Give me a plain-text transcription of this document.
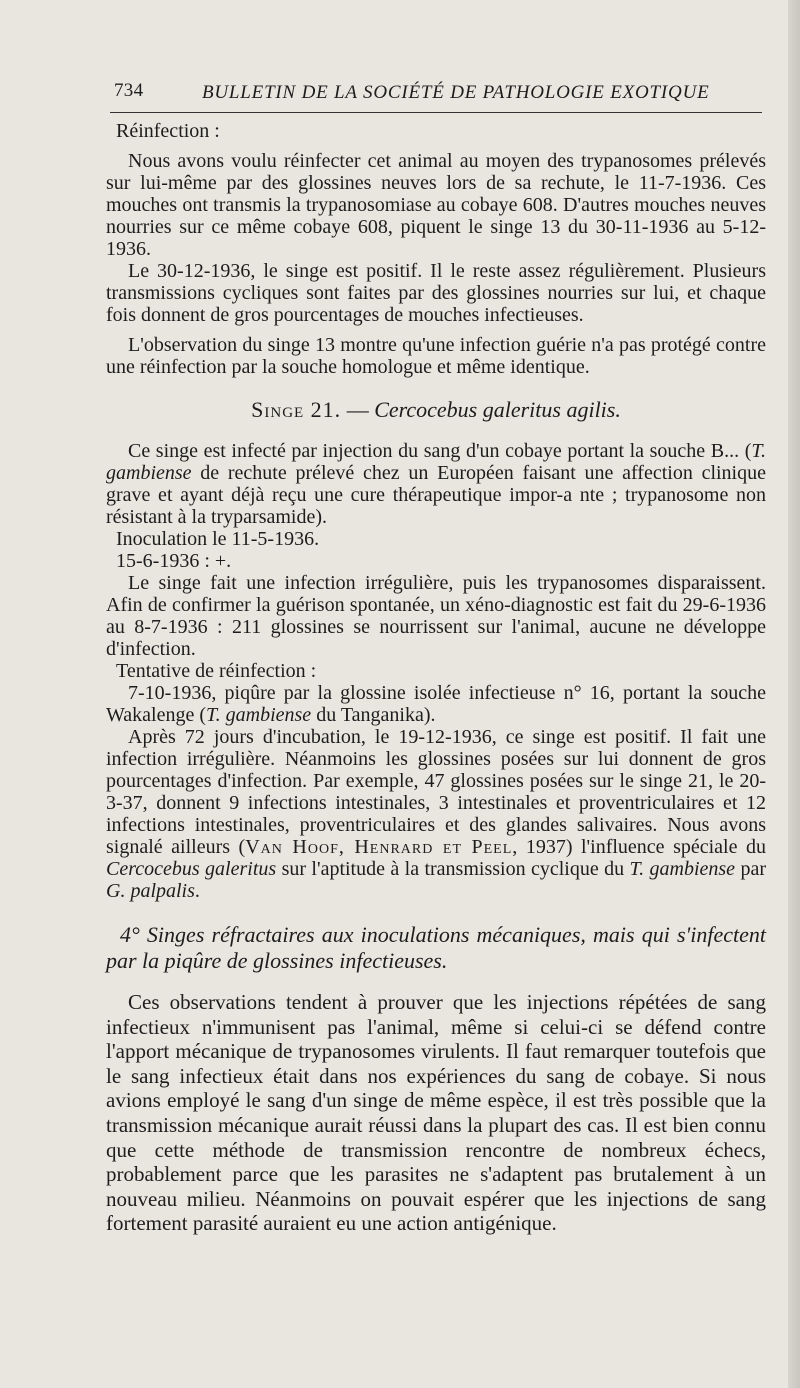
734	BULLETIN DE LA SOCIÉTÉ DE PATHOLOGIE EXOTIQUE

Réinfection :

Nous avons voulu réinfecter cet animal au moyen des trypanosomes prélevés sur lui-même par des glossines neuves lors de sa rechute, le 11-7-1936. Ces mouches ont transmis la trypanosomiase au cobaye 608. D'autres mouches neuves nourries sur ce même cobaye 608, piquent le singe 13 du 30-11-1936 au 5-12-1936.

Le 30-12-1936, le singe est positif. Il le reste assez régulièrement. Plusieurs transmissions cycliques sont faites par des glossines nourries sur lui, et chaque fois donnent de gros pourcentages de mouches infectieuses.

L'observation du singe 13 montre qu'une infection guérie n'a pas protégé contre une réinfection par la souche homologue et même identique.

Singe 21. — Cercocebus galeritus agilis.

Ce singe est infecté par injection du sang d'un cobaye portant la souche B... (T. gambiense de rechute prélevé chez un Européen faisant une affection clinique grave et ayant déjà reçu une cure thérapeutique impor-a nte ; trypanosome non résistant à la tryparsamide).

Inoculation le 11-5-1936.

15-6-1936 : +.

Le singe fait une infection irrégulière, puis les trypanosomes disparaissent. Afin de confirmer la guérison spontanée, un xéno-diagnostic est fait du 29-6-1936 au 8-7-1936 : 211 glossines se nourrissent sur l'animal, aucune ne développe d'infection.

Tentative de réinfection :

7-10-1936, piqûre par la glossine isolée infectieuse n° 16, portant la souche Wakalenge (T. gambiense du Tanganika).

Après 72 jours d'incubation, le 19-12-1936, ce singe est positif. Il fait une infection irrégulière. Néanmoins les glossines posées sur lui donnent de gros pourcentages d'infection. Par exemple, 47 glossines posées sur le singe 21, le 20-3-37, donnent 9 infections intestinales, 3 intestinales et proventriculaires et 12 infections intestinales, proventriculaires et des glandes salivaires. Nous avons signalé ailleurs (Van Hoof, Henrard et Peel, 1937) l'influence spéciale du Cercocebus galeritus sur l'aptitude à la transmission cyclique du T. gambiense par G. palpalis.

4° Singes réfractaires aux inoculations mécaniques, mais qui s'infectent par la piqûre de glossines infectieuses.

Ces observations tendent à prouver que les injections répétées de sang infectieux n'immunisent pas l'animal, même si celui-ci se défend contre l'apport mécanique de trypanosomes virulents. Il faut remarquer toutefois que le sang infectieux était dans nos expériences du sang de cobaye. Si nous avions employé le sang d'un singe de même espèce, il est très possible que la transmission mécanique aurait réussi dans la plupart des cas. Il est bien connu que cette méthode de transmission rencontre de nombreux échecs, probablement parce que les parasites ne s'adaptent pas brutalement à un nouveau milieu. Néanmoins on pouvait espérer que les injections de sang fortement parasité auraient eu une action antigénique.
